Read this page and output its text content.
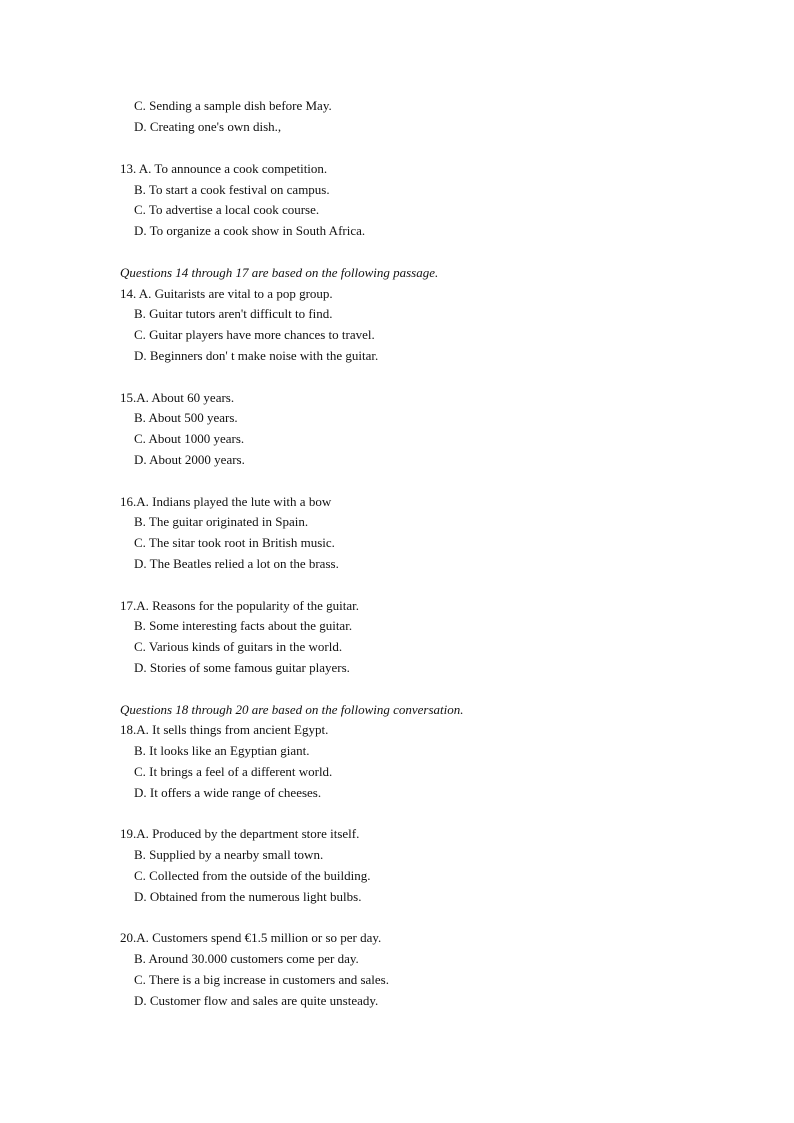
C. Sending a sample dish before May.
D. Creating one's own dish.,
13. A. To announce a cook competition.
B. To start a cook festival on campus.
C. To advertise a local cook course.
D. To organize a cook show in South Africa.
Questions 14 through 17 are based on the following passage.
14. A. Guitarists are vital to a pop group.
B. Guitar tutors aren't difficult to find.
C. Guitar players have more chances to travel.
D. Beginners don' t make noise with the guitar.
15.A. About 60 years.
B. About 500 years.
C. About 1000 years.
D. About 2000 years.
16.A. Indians played the lute with a bow
B. The guitar originated in Spain.
C. The sitar took root in British music.
D. The Beatles relied a lot on the brass.
17.A. Reasons for the popularity of the guitar.
B. Some interesting facts about the guitar.
C. Various kinds of guitars in the world.
D. Stories of some famous guitar players.
Questions 18 through 20 are based on the following conversation.
18.A. It sells things from ancient Egypt.
B. It looks like an Egyptian giant.
C. It brings a feel of a different world.
D. It offers a wide range of cheeses.
19.A. Produced by the department store itself.
B. Supplied by a nearby small town.
C. Collected from the outside of the building.
D. Obtained from the numerous light bulbs.
20.A. Customers spend €1.5 million or so per day.
B. Around 30.000 customers come per day.
C. There is a big increase in customers and sales.
D. Customer flow and sales are quite unsteady.
